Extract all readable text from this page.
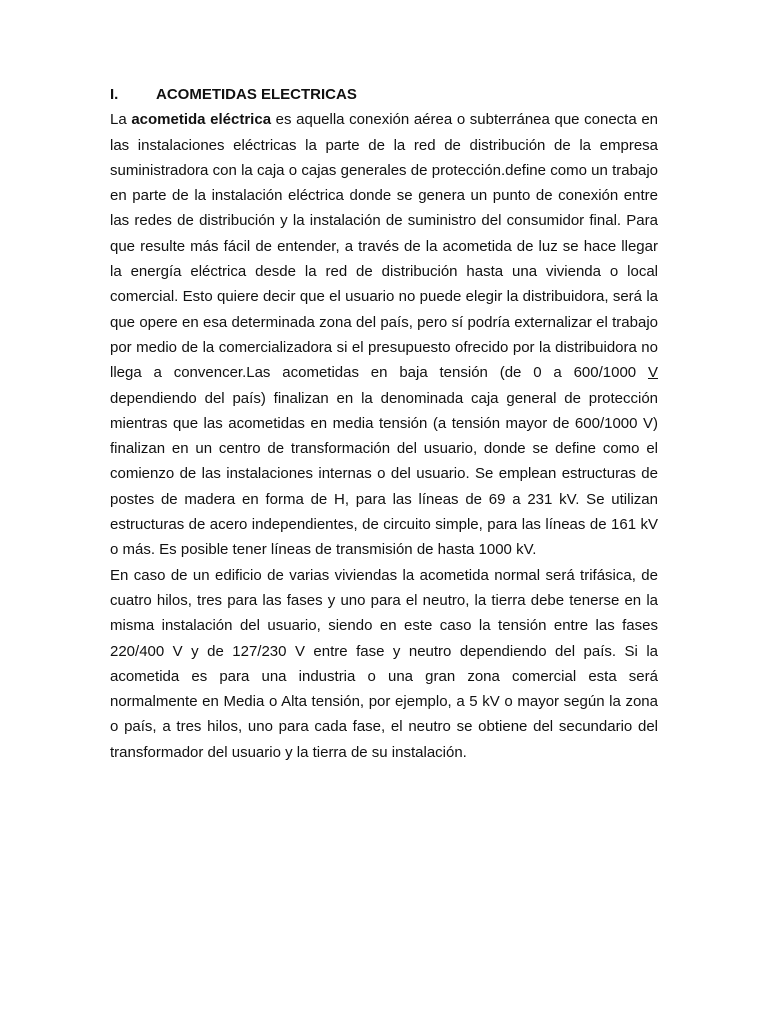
I.	ACOMETIDAS ELECTRICAS

La acometida eléctrica es aquella conexión aérea o subterránea que conecta en las instalaciones eléctricas la parte de la red de distribución de la empresa suministradora con la caja o cajas generales de protección.define como un trabajo en parte de la instalación eléctrica donde se genera un punto de conexión entre las redes de distribución y la instalación de suministro del consumidor final. Para que resulte más fácil de entender, a través de la acometida de luz se hace llegar la energía eléctrica desde la red de distribución hasta una vivienda o local comercial. Esto quiere decir que el usuario no puede elegir la distribuidora, será la que opere en esa determinada zona del país, pero sí podría externalizar el trabajo por medio de la comercializadora si el presupuesto ofrecido por la distribuidora no llega a convencer.Las acometidas en baja tensión (de 0 a 600/1000 V dependiendo del país) finalizan en la denominada caja general de protección mientras que las acometidas en media tensión (a tensión mayor de 600/1000 V) finalizan en un centro de transformación del usuario, donde se define como el comienzo de las instalaciones internas o del usuario. Se emplean estructuras de postes de madera en forma de H, para las líneas de 69 a 231 kV. Se utilizan estructuras de acero independientes, de circuito simple, para las líneas de 161 kV o más. Es posible tener líneas de transmisión de hasta 1000 kV.

En caso de un edificio de varias viviendas la acometida normal será trifásica, de cuatro hilos, tres para las fases y uno para el neutro, la tierra debe tenerse en la misma instalación del usuario, siendo en este caso la tensión entre las fases 220/400 V y de 127/230 V entre fase y neutro dependiendo del país. Si la acometida es para una industria o una gran zona comercial esta será normalmente en Media o Alta tensión, por ejemplo, a 5 kV o mayor según la zona o país, a tres hilos, uno para cada fase, el neutro se obtiene del secundario del transformador del usuario y la tierra de su instalación.
